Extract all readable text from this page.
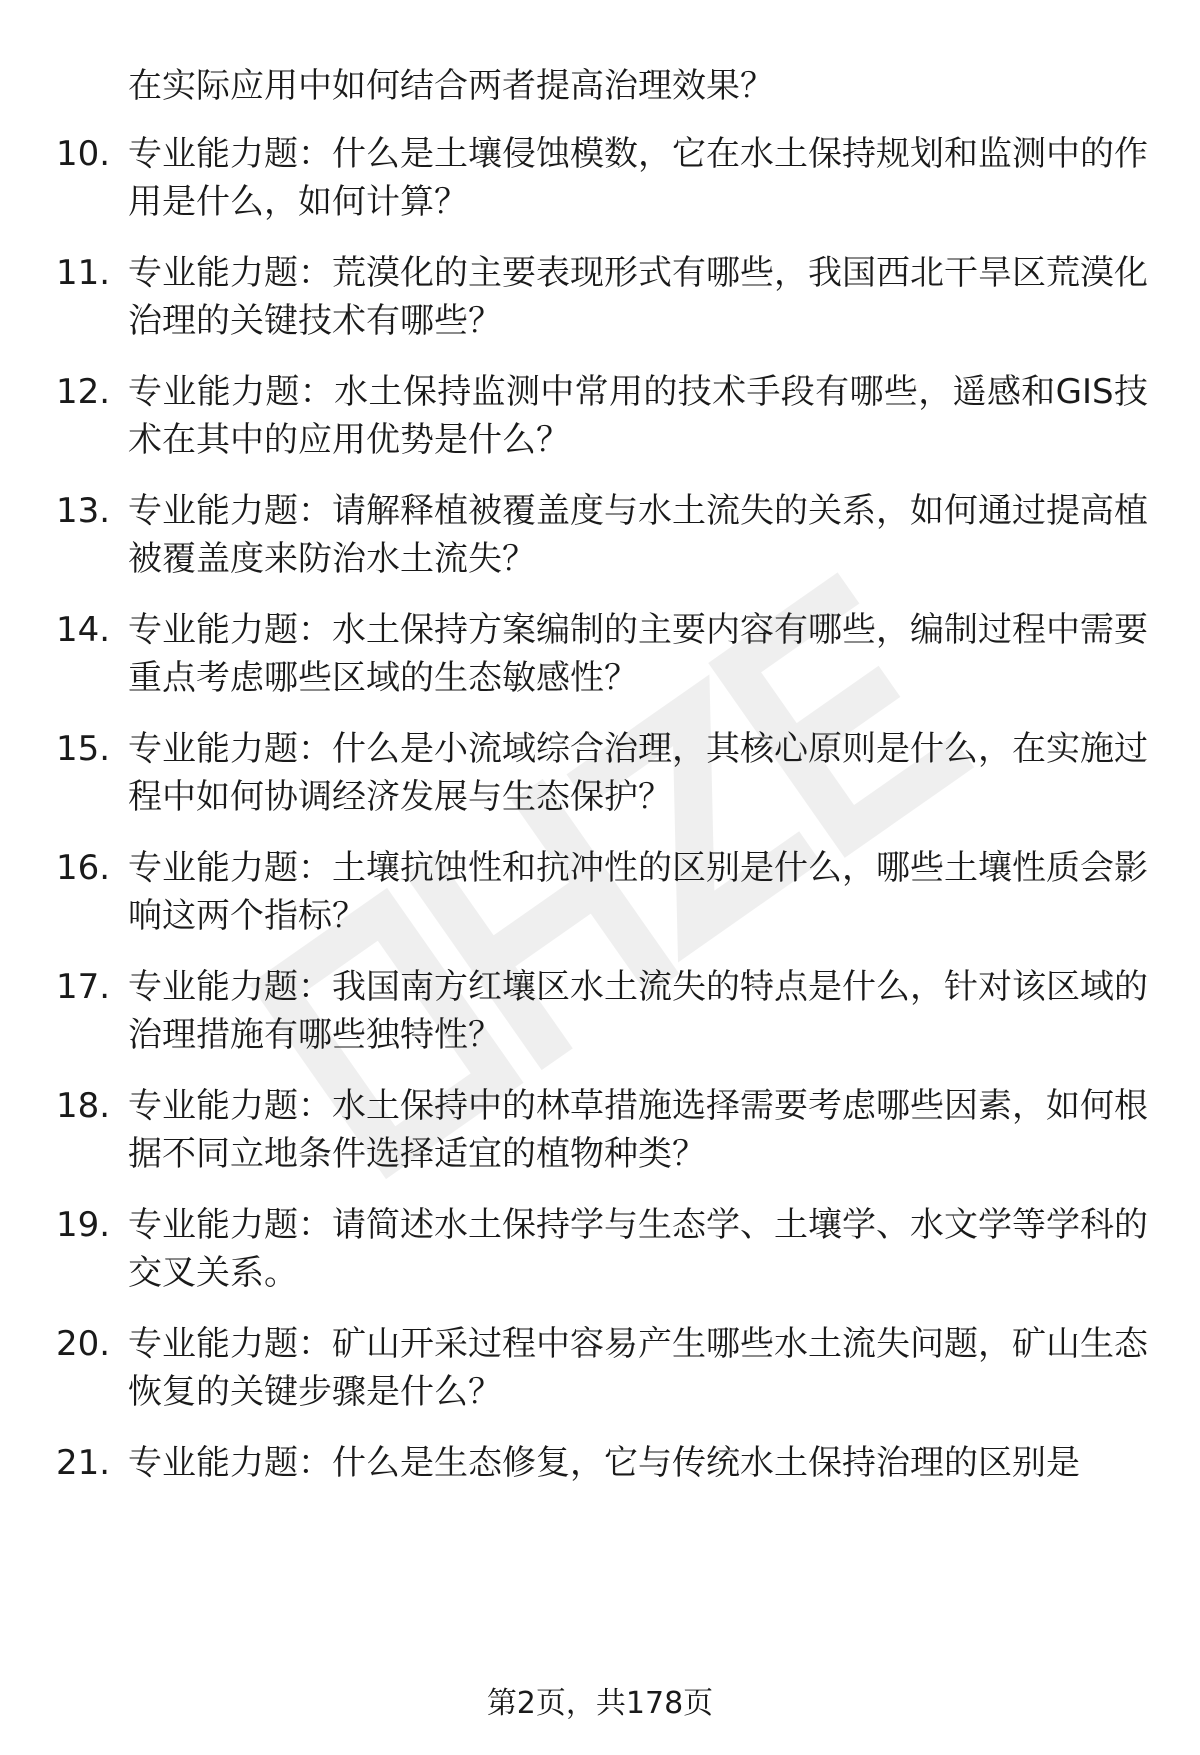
在实际应用中如何结合两者提高治理效果？
10. 专业能力题：什么是土壤侵蚀模数，它在水土保持规划和监测中的作用是什么，如何计算？
11. 专业能力题：荒漠化的主要表现形式有哪些，我国西北干旱区荒漠化治理的关键技术有哪些？
12. 专业能力题：水土保持监测中常用的技术手段有哪些，遥感和GIS技术在其中的应用优势是什么？
13. 专业能力题：请解释植被覆盖度与水土流失的关系，如何通过提高植被覆盖度来防治水土流失？
14. 专业能力题：水土保持方案编制的主要内容有哪些，编制过程中需要重点考虑哪些区域的生态敏感性？
15. 专业能力题：什么是小流域综合治理，其核心原则是什么，在实施过程中如何协调经济发展与生态保护？
16. 专业能力题：土壤抗蚀性和抗冲性的区别是什么，哪些土壤性质会影响这两个指标？
17. 专业能力题：我国南方红壤区水土流失的特点是什么，针对该区域的治理措施有哪些独特性？
18. 专业能力题：水土保持中的林草措施选择需要考虑哪些因素，如何根据不同立地条件选择适宜的植物种类？
19. 专业能力题：请简述水土保持学与生态学、土壤学、水文学等学科的交叉关系。
20. 专业能力题：矿山开采过程中容易产生哪些水土流失问题，矿山生态恢复的关键步骤是什么？
21. 专业能力题：什么是生态修复，它与传统水土保持治理的区别是
第2页，共178页
